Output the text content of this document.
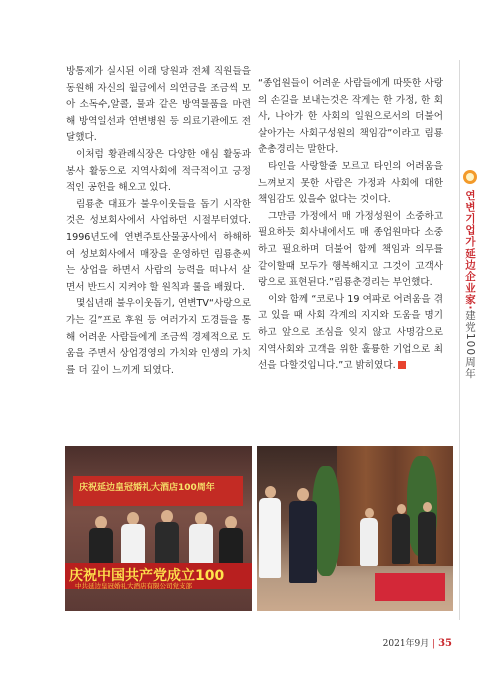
방통제가 실시된 이래 당원과 전체 직원들을 동원해 자신의 월급에서 의연금을 조금씩 모아 소독수,알콜, 물과 같은 방역물품을 마련해 방역일선과 연변병원 등 의료기관에도 전달했다.

이처럼 황관례식장은 다양한 애심 활동과 봉사 활동으로 지역사회에 적극적이고 긍정적인 공헌을 해오고 있다.

림룡춘 대표가 불우이웃들을 돕기 시작한것은 성보회사에서 사업하던 시절부터였다. 1996년도에 연변주토산물공사에서 하해하여 성보회사에서 매장을 운영하던 림룡춘씨는 상업을 하면서 사람의 능력을 떠나서 살면서 반드시 지켜야 할 원칙과 룰을 배웠다.

몇십년래 불우이웃돕기, 연변TV“사랑으로 가는 길”프로 후원 등 여러가지 도경들을 통해 어려운 사람들에게 조금씩 경제적으로 도움을 주면서 상업경영의 가치와 인생의 가치를 더 깊이 느끼게 되였다.

“종업원들이 어려운 사람들에게 따뜻한 사랑의 손길을 보내는것은 작게는 한 가정, 한 회사, 나아가 한 사회의 일원으로서의 더불어 살아가는 사회구성원의 책임감”이라고 림룡춘총경리는 말한다.

타인을 사랑할줄 모르고 타인의 어려움을 느껴보지 못한 사람은 가정과 사회에 대한 책임감도 있을수 없다는 것이다.

그만큼 가정에서 매 가정성원이 소중하고 필요하듯 회사내에서도 매 종업원마다 소중하고 필요하며 더불어 함께 책임과 의무를 같이할때 모두가 행복해지고 그것이 고객사랑으로 표현된다.”림룡춘경리는 부언했다.

이와 함께 “코로나 19 여파로 어려움을 겪고 있을 때 사회 각계의 지지와 도움을 명기하고 앞으로 조심을 잊지 않고 사명감으로 지역사회와 고객을 위한 훌륭한 기업으로 최선을 다할것입니다.”고 밝히였다.

연변기업가
延边企业家·
建党100周年
庆祝延边皇冠婚礼大酒店100周年
庆祝中国共产党成立100
中共延边皇冠婚礼大酒店有限公司党支部
2021年9月 | 35
